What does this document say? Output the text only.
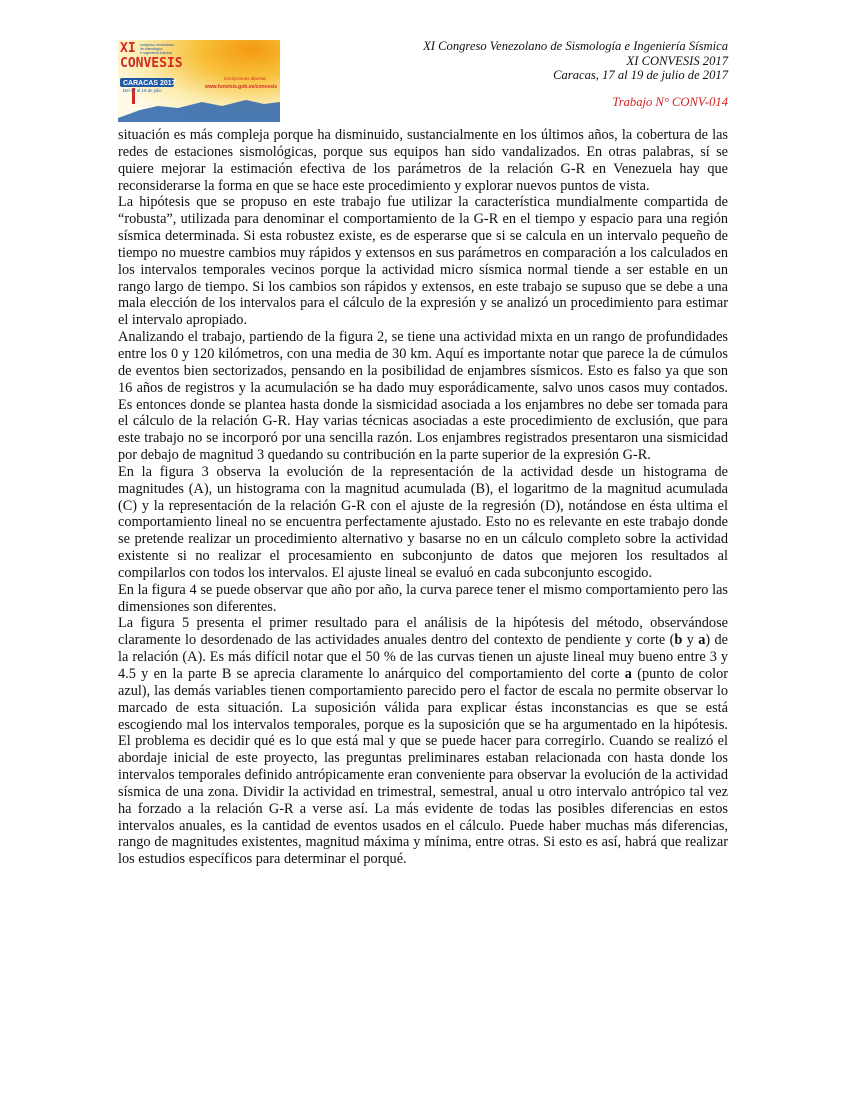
XI
CONVESIS
congreso venezolano
de sismología
e ingeniería sísmica
CARACAS 2017
Del 17 al 19 de julio
inscripciones abiertas
www.funvisis.gob.ve/convesis
XI Congreso Venezolano de Sismología e Ingeniería Sísmica
XI CONVESIS 2017
Caracas, 17 al 19 de julio de 2017
Trabajo N° CONV-014

situación es más compleja porque ha disminuido, sustancialmente en los últimos años, la cobertura de las redes de estaciones sismológicas, porque sus equipos han sido vandalizados. En otras palabras, sí se quiere mejorar la estimación efectiva de los parámetros de la relación G-R en Venezuela hay que reconsiderarse la forma en que se hace este procedimiento y explorar nuevos puntos de vista.

La hipótesis que se propuso en este trabajo fue utilizar la característica mundialmente compartida de “robusta”, utilizada para denominar el comportamiento de la G-R en el tiempo y espacio para una región sísmica determinada. Si esta robustez existe, es de esperarse que si se calcula en un intervalo pequeño de tiempo no muestre cambios muy rápidos y extensos en sus parámetros en comparación a los calculados en los intervalos temporales vecinos porque la actividad micro sísmica normal tiende a ser estable en un rango largo de tiempo. Si los cambios son rápidos y extensos, en este trabajo se supuso que se debe a una mala elección de los intervalos para el cálculo de la expresión y se analizó un procedimiento para estimar el intervalo apropiado.

Analizando el trabajo, partiendo de la figura 2, se tiene una actividad mixta en un rango de profundidades entre los 0 y 120 kilómetros, con una media de 30 km. Aquí es importante notar que parece la de cúmulos de eventos bien sectorizados, pensando en la posibilidad de enjambres sísmicos. Esto es falso ya que son 16 años de registros y la acumulación se ha dado muy esporádicamente, salvo unos casos muy contados. Es entonces donde se plantea hasta donde la sismicidad asociada a los enjambres no debe ser tomada para el cálculo de la relación G-R. Hay varias técnicas asociadas a este procedimiento de exclusión, que para este trabajo no se incorporó por una sencilla razón. Los enjambres registrados presentaron una sismicidad por debajo de magnitud 3 quedando su contribución en la parte superior de la expresión G-R.

En la figura 3 observa la evolución de la representación de la actividad desde un histograma de magnitudes (A), un histograma con la magnitud acumulada (B), el logaritmo de la magnitud acumulada (C) y la representación de la relación G-R con el ajuste de la regresión (D), notándose en ésta ultima el comportamiento lineal no se encuentra perfectamente ajustado. Esto no es relevante en este trabajo donde se pretende realizar un procedimiento alternativo y basarse no en un cálculo completo sobre la actividad existente si no realizar el procesamiento en subconjunto de datos que mejoren los resultados al compilarlos con todos los intervalos. El ajuste lineal se evaluó en cada subconjunto escogido.

En la figura 4 se puede observar que año por año, la curva parece tener el mismo comportamiento pero las dimensiones son diferentes.

La figura 5 presenta el primer resultado para el análisis de la hipótesis del método, observándose claramente lo desordenado de las actividades anuales dentro del contexto de pendiente y corte (b y a) de la relación (A). Es más difícil notar que el 50 % de las curvas tienen un ajuste lineal muy bueno entre 3 y 4.5 y en la parte B se aprecia claramente lo anárquico del comportamiento del corte a (punto de color azul), las demás variables tienen comportamiento parecido pero el factor de escala no permite observar lo marcado de esta situación. La suposición válida para explicar éstas inconstancias es que se está escogiendo mal los intervalos temporales, porque es la suposición que se ha argumentado en la hipótesis. El problema es decidir qué es lo que está mal y que se puede hacer para corregirlo. Cuando se realizó el abordaje inicial de este proyecto, las preguntas preliminares estaban relacionada con hasta donde los intervalos temporales definido antrópicamente eran conveniente para observar la evolución de la actividad sísmica de una zona. Dividir la actividad en trimestral, semestral, anual u otro intervalo antrópico tal vez ha forzado a la relación G-R a verse así. La más evidente de todas las posibles diferencias en estos intervalos anuales, es la cantidad de eventos usados en el cálculo. Puede haber muchas más diferencias, rango de magnitudes existentes, magnitud máxima y mínima, entre otras. Si esto es así, habrá que realizar los estudios específicos para determinar el porqué.
